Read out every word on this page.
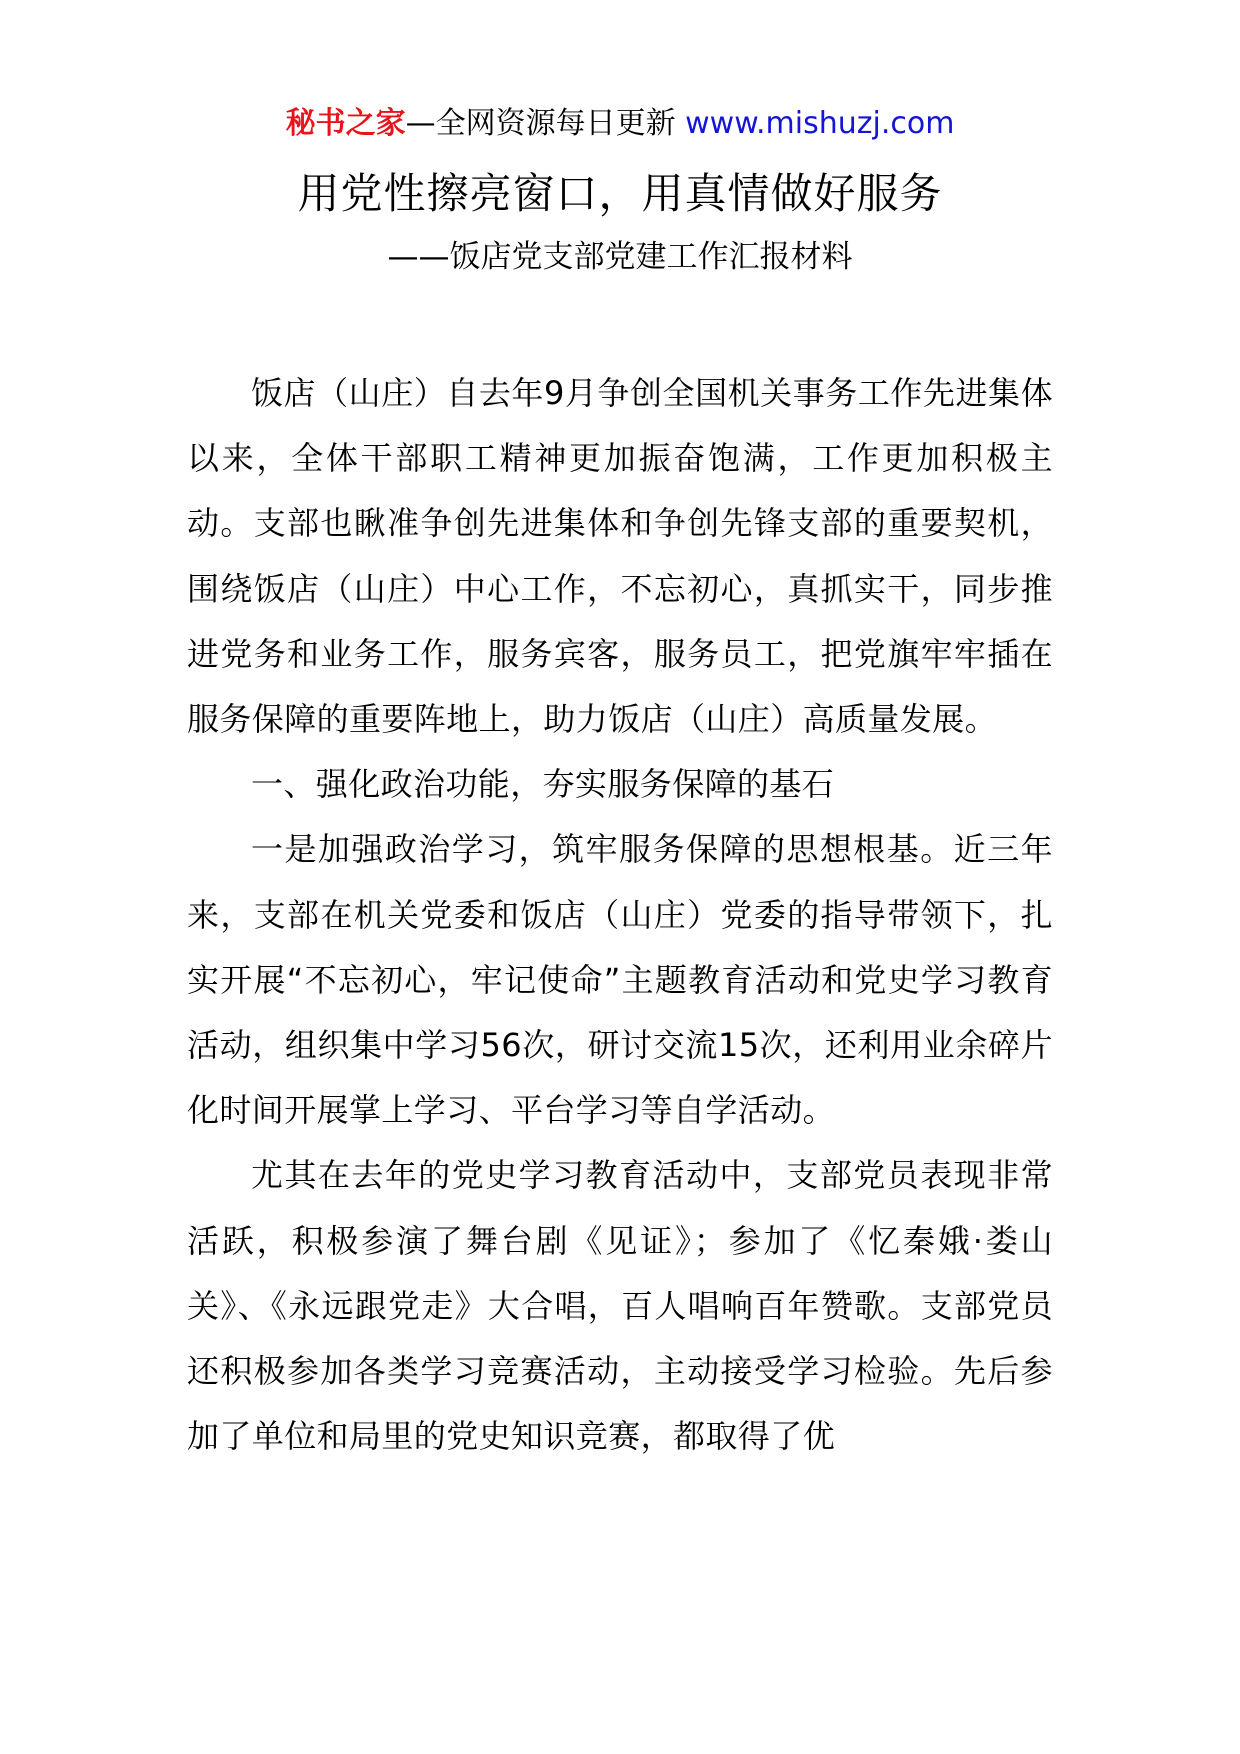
秘书之家—全网资源每日更新 www.mishuzj.com
用党性擦亮窗口，用真情做好服务
——饭店党支部党建工作汇报材料

饭店（山庄）自去年9月争创全国机关事务工作先进集体以来，全体干部职工精神更加振奋饱满，工作更加积极主动。支部也瞅准争创先进集体和争创先锋支部的重要契机，围绕饭店（山庄）中心工作，不忘初心，真抓实干，同步推进党务和业务工作，服务宾客，服务员工，把党旗牢牢插在服务保障的重要阵地上，助力饭店（山庄）高质量发展。

一、强化政治功能，夯实服务保障的基石

一是加强政治学习，筑牢服务保障的思想根基。近三年来，支部在机关党委和饭店（山庄）党委的指导带领下，扎实开展“不忘初心，牢记使命”主题教育活动和党史学习教育活动，组织集中学习56次，研讨交流15次，还利用业余碎片化时间开展掌上学习、平台学习等自学活动。

尤其在去年的党史学习教育活动中，支部党员表现非常活跃，积极参演了舞台剧《见证》；参加了《忆秦娥·娄山关》、《永远跟党走》大合唱，百人唱响百年赞歌。支部党员还积极参加各类学习竞赛活动，主动接受学习检验。先后参加了单位和局里的党史知识竞赛，都取得了优
